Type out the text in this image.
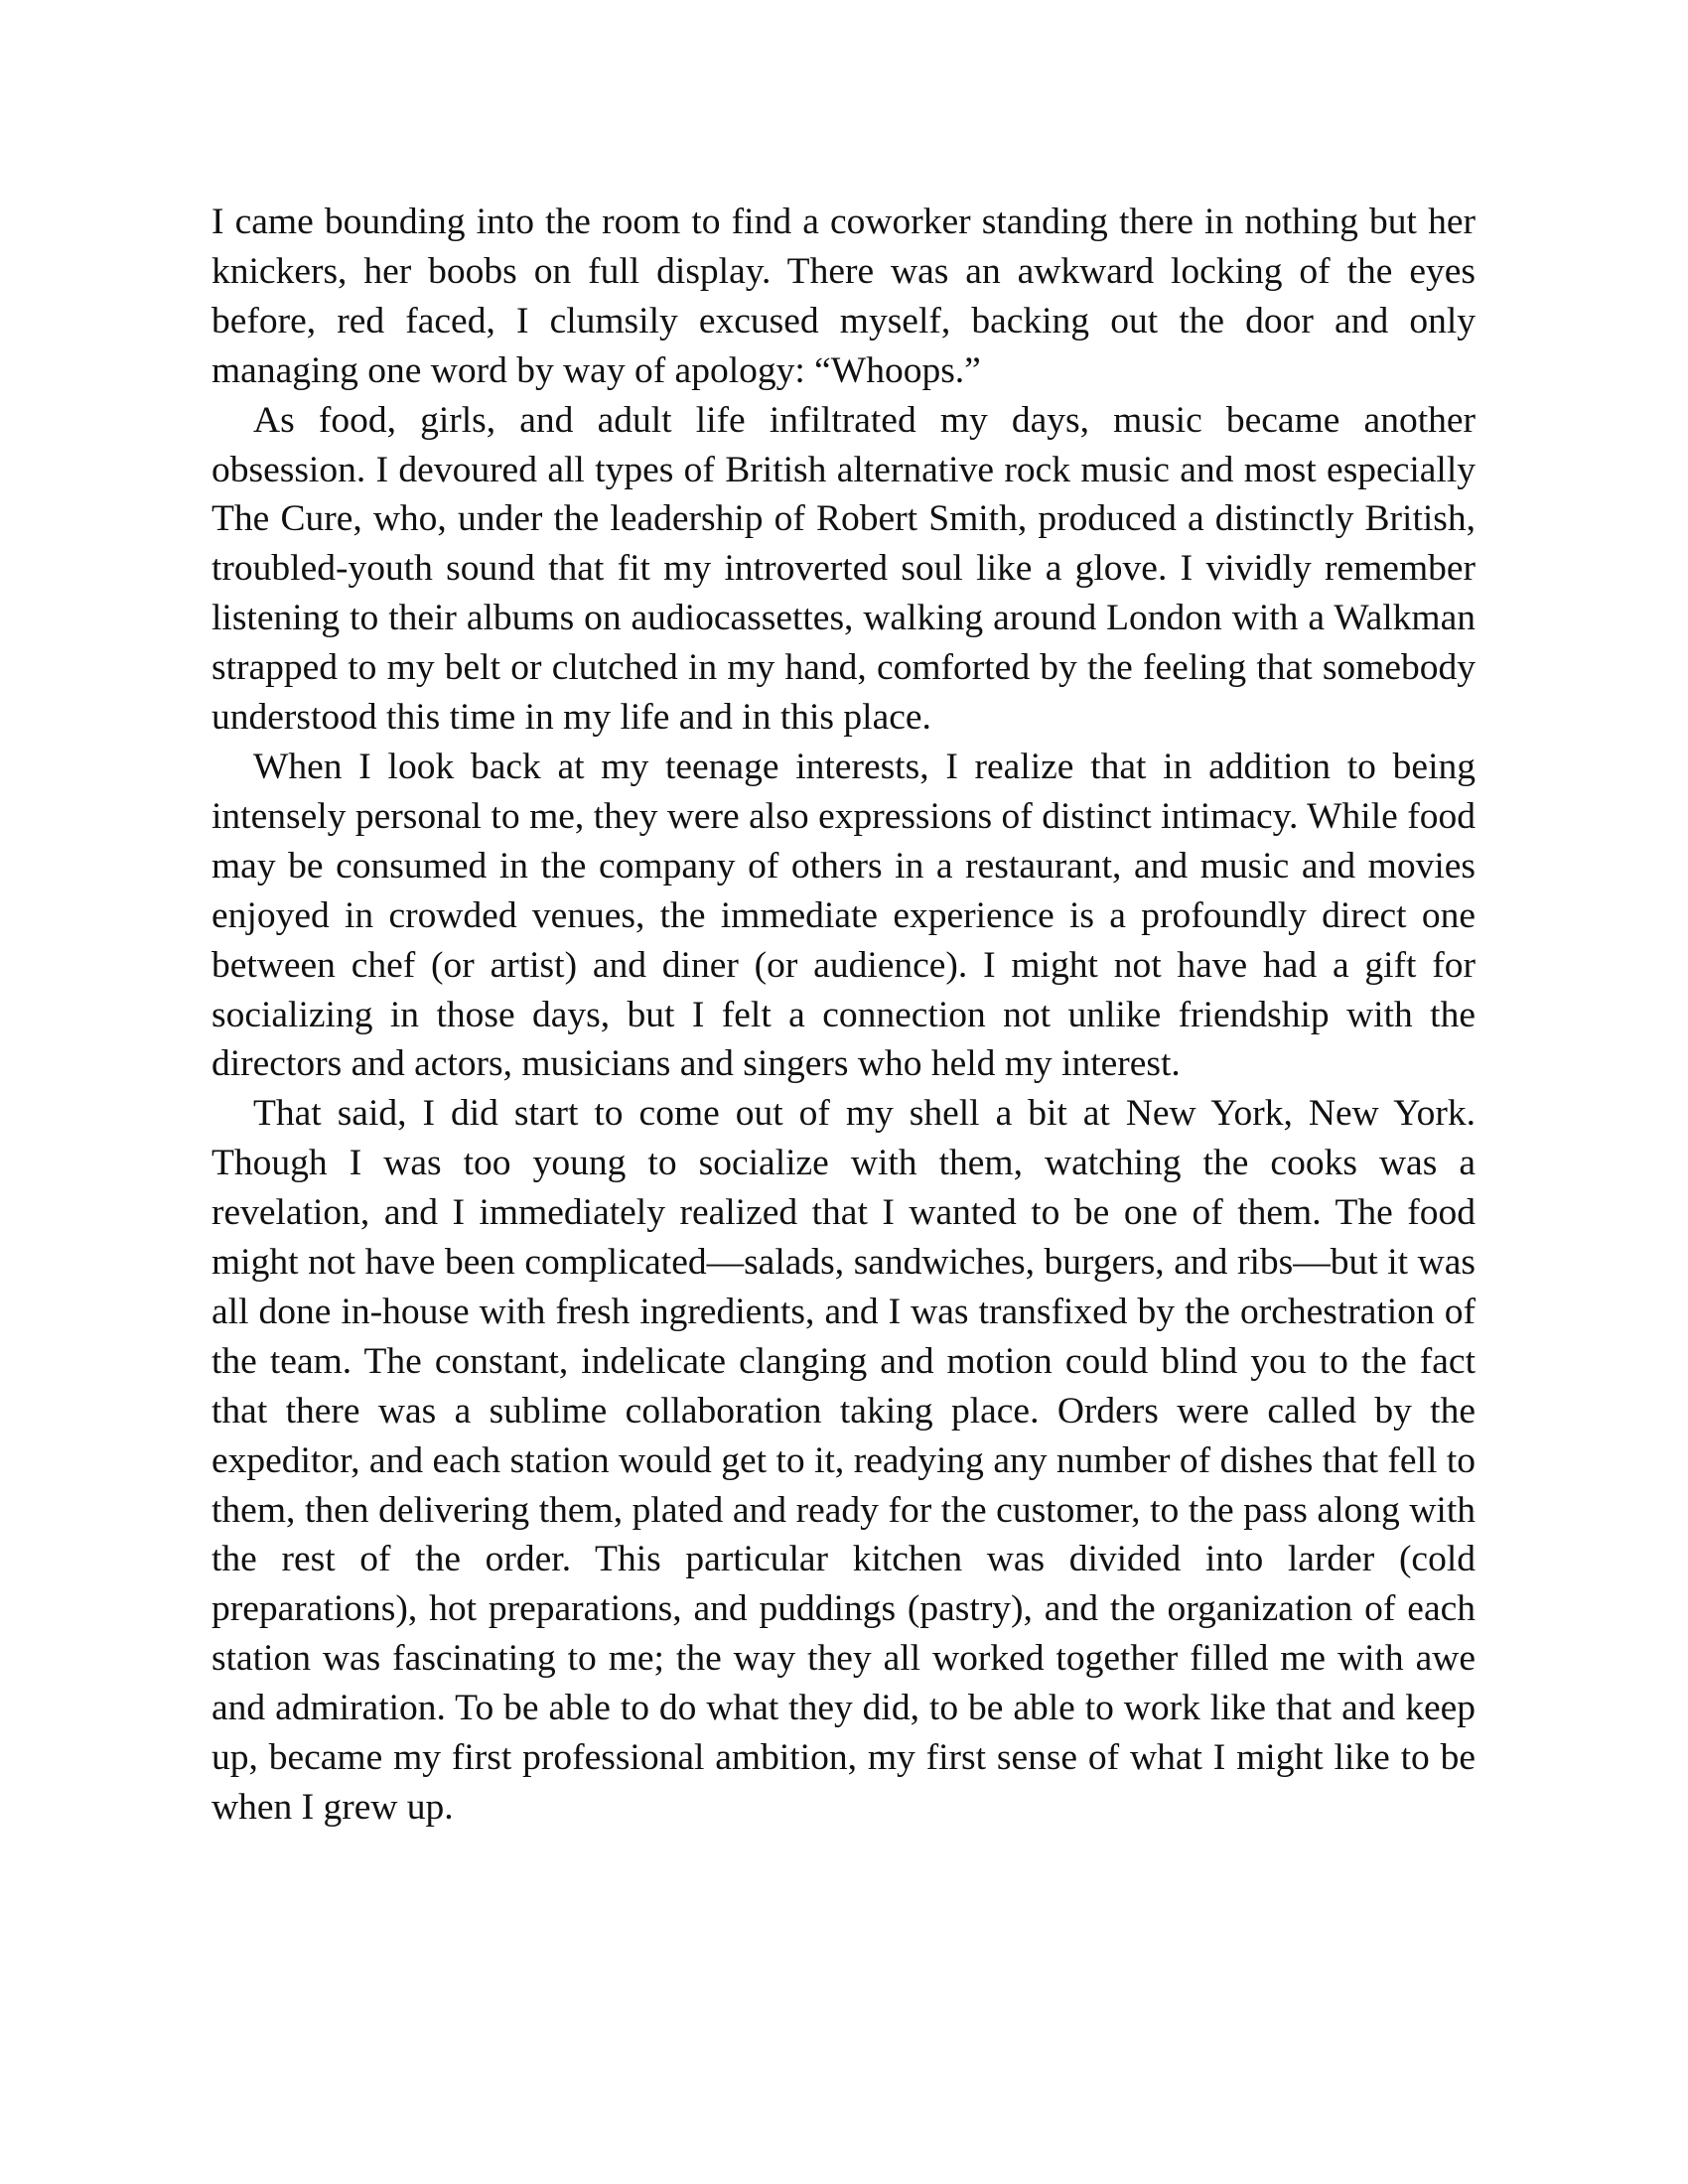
I came bounding into the room to find a coworker standing there in nothing but her knickers, her boobs on full display. There was an awkward locking of the eyes before, red faced, I clumsily excused myself, backing out the door and only managing one word by way of apology: “Whoops.”

As food, girls, and adult life infiltrated my days, music became another obsession. I devoured all types of British alternative rock music and most especially The Cure, who, under the leadership of Robert Smith, produced a distinctly British, troubled-youth sound that fit my introverted soul like a glove. I vividly remember listening to their albums on audiocassettes, walking around London with a Walkman strapped to my belt or clutched in my hand, comforted by the feeling that somebody understood this time in my life and in this place.

When I look back at my teenage interests, I realize that in addition to being intensely personal to me, they were also expressions of distinct intimacy. While food may be consumed in the company of others in a restaurant, and music and movies enjoyed in crowded venues, the immediate experience is a profoundly direct one between chef (or artist) and diner (or audience). I might not have had a gift for socializing in those days, but I felt a connection not unlike friendship with the directors and actors, musicians and singers who held my interest.

That said, I did start to come out of my shell a bit at New York, New York. Though I was too young to socialize with them, watching the cooks was a revelation, and I immediately realized that I wanted to be one of them. The food might not have been complicated—salads, sandwiches, burgers, and ribs—but it was all done in-house with fresh ingredients, and I was transfixed by the orchestration of the team. The constant, indelicate clanging and motion could blind you to the fact that there was a sublime collaboration taking place. Orders were called by the expeditor, and each station would get to it, readying any number of dishes that fell to them, then delivering them, plated and ready for the customer, to the pass along with the rest of the order. This particular kitchen was divided into larder (cold preparations), hot preparations, and puddings (pastry), and the organization of each station was fascinating to me; the way they all worked together filled me with awe and admiration. To be able to do what they did, to be able to work like that and keep up, became my first professional ambition, my first sense of what I might like to be when I grew up.
